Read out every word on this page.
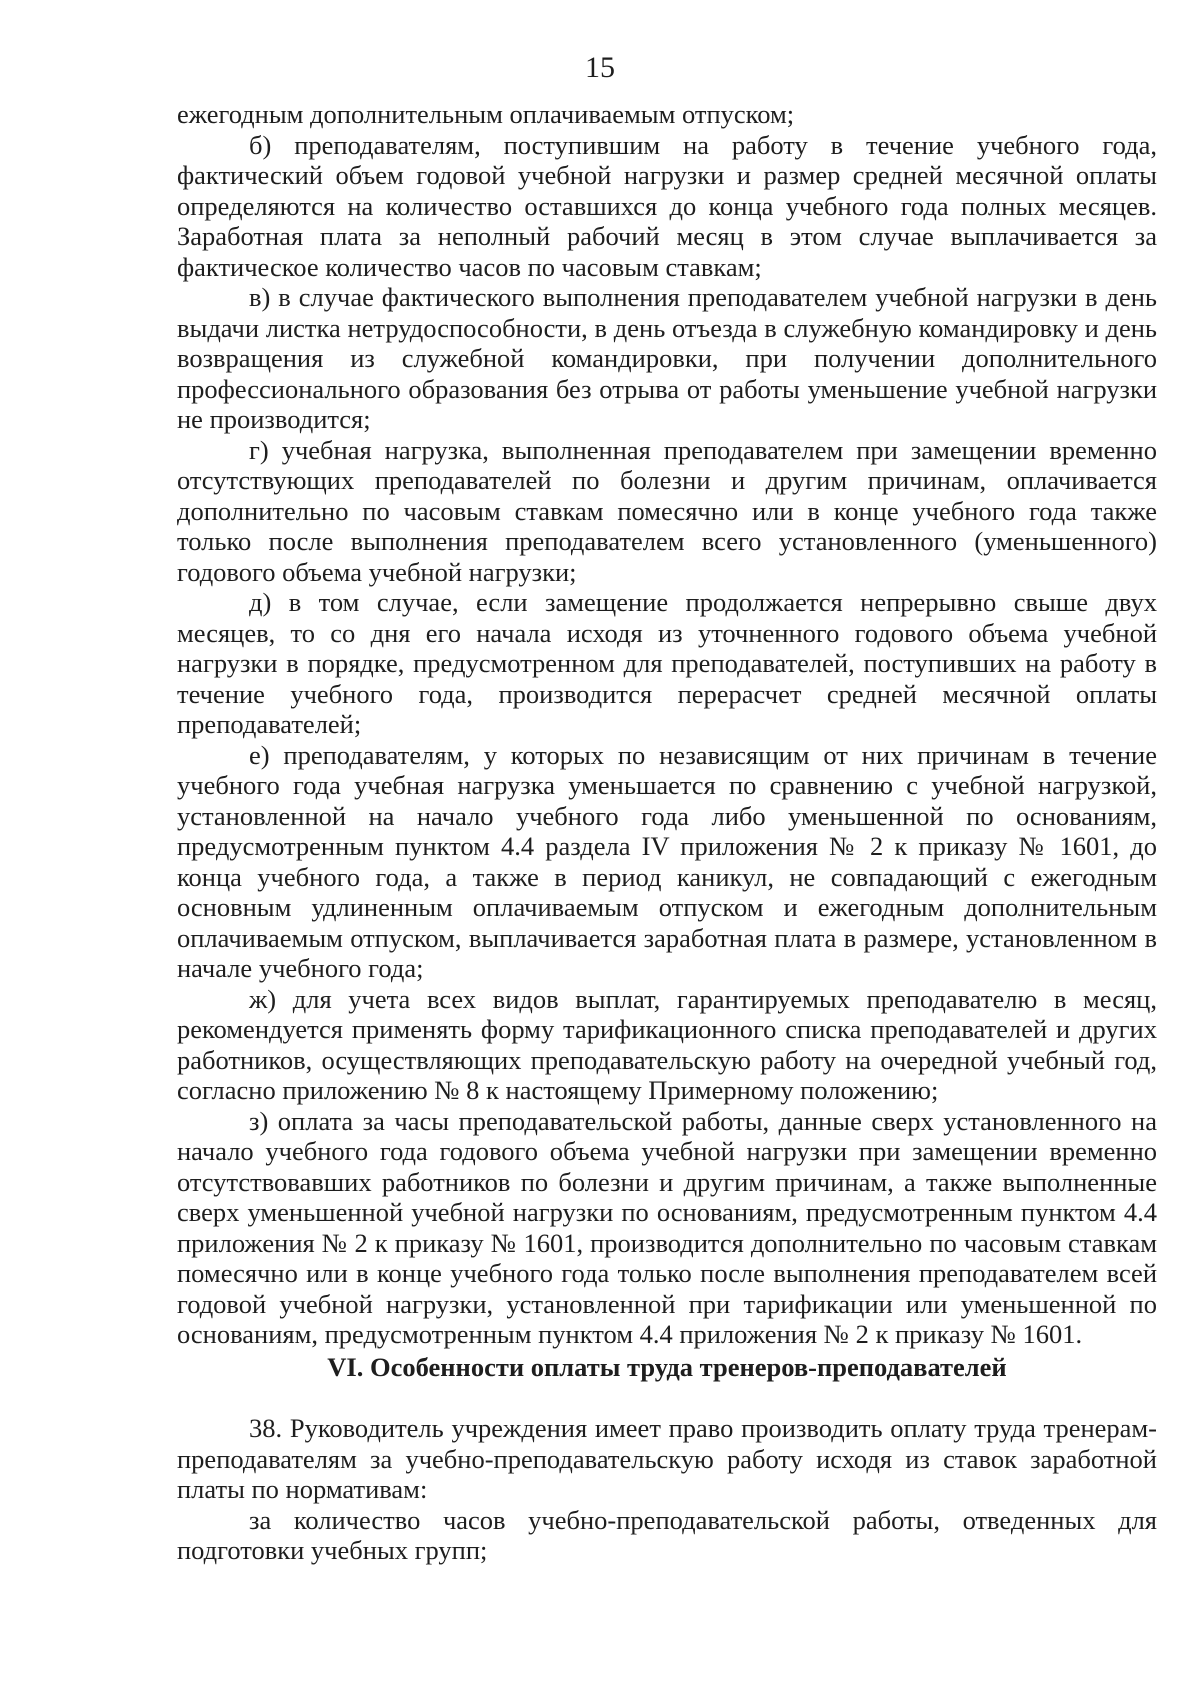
15

ежегодным дополнительным оплачиваемым отпуском;

б) преподавателям, поступившим на работу в течение учебного года, фактический объем годовой учебной нагрузки и размер средней месячной оплаты определяются на количество оставшихся до конца учебного года полных месяцев. Заработная плата за неполный рабочий месяц в этом случае выплачивается за фактическое количество часов по часовым ставкам;

в) в случае фактического выполнения преподавателем учебной нагрузки в день выдачи листка нетрудоспособности, в день отъезда в служебную командировку и день возвращения из служебной командировки, при получении дополнительного профессионального образования без отрыва от работы уменьшение учебной нагрузки не производится;

г) учебная нагрузка, выполненная преподавателем при замещении временно отсутствующих преподавателей по болезни и другим причинам, оплачивается дополнительно по часовым ставкам помесячно или в конце учебного года также только после выполнения преподавателем всего установленного (уменьшенного) годового объема учебной нагрузки;

д) в том случае, если замещение продолжается непрерывно свыше двух месяцев, то со дня его начала исходя из уточненного годового объема учебной нагрузки в порядке, предусмотренном для преподавателей, поступивших на работу в течение учебного года, производится перерасчет средней месячной оплаты преподавателей;

е) преподавателям, у которых по независящим от них причинам в течение учебного года учебная нагрузка уменьшается по сравнению с учебной нагрузкой, установленной на начало учебного года либо уменьшенной по основаниям, предусмотренным пунктом 4.4 раздела IV приложения № 2 к приказу № 1601, до конца учебного года, а также в период каникул, не совпадающий с ежегодным основным удлиненным оплачиваемым отпуском и ежегодным дополнительным оплачиваемым отпуском, выплачивается заработная плата в размере, установленном в начале учебного года;

ж) для учета всех видов выплат, гарантируемых преподавателю в месяц, рекомендуется применять форму тарификационного списка преподавателей и других работников, осуществляющих преподавательскую работу на очередной учебный год, согласно приложению № 8 к настоящему Примерному положению;

з) оплата за часы преподавательской работы, данные сверх установленного на начало учебного года годового объема учебной нагрузки при замещении временно отсутствовавших работников по болезни и другим причинам, а также выполненные сверх уменьшенной учебной нагрузки по основаниям, предусмотренным пунктом 4.4 приложения № 2 к приказу № 1601, производится дополнительно по часовым ставкам помесячно или в конце учебного года только после выполнения преподавателем всей годовой учебной нагрузки, установленной при тарификации или уменьшенной по основаниям, предусмотренным пунктом 4.4 приложения № 2 к приказу № 1601.

VI. Особенности оплаты труда тренеров-преподавателей

38. Руководитель учреждения имеет право производить оплату труда тренерам-преподавателям за учебно-преподавательскую работу исходя из ставок заработной платы по нормативам:

за количество часов учебно-преподавательской работы, отведенных для подготовки учебных групп;
